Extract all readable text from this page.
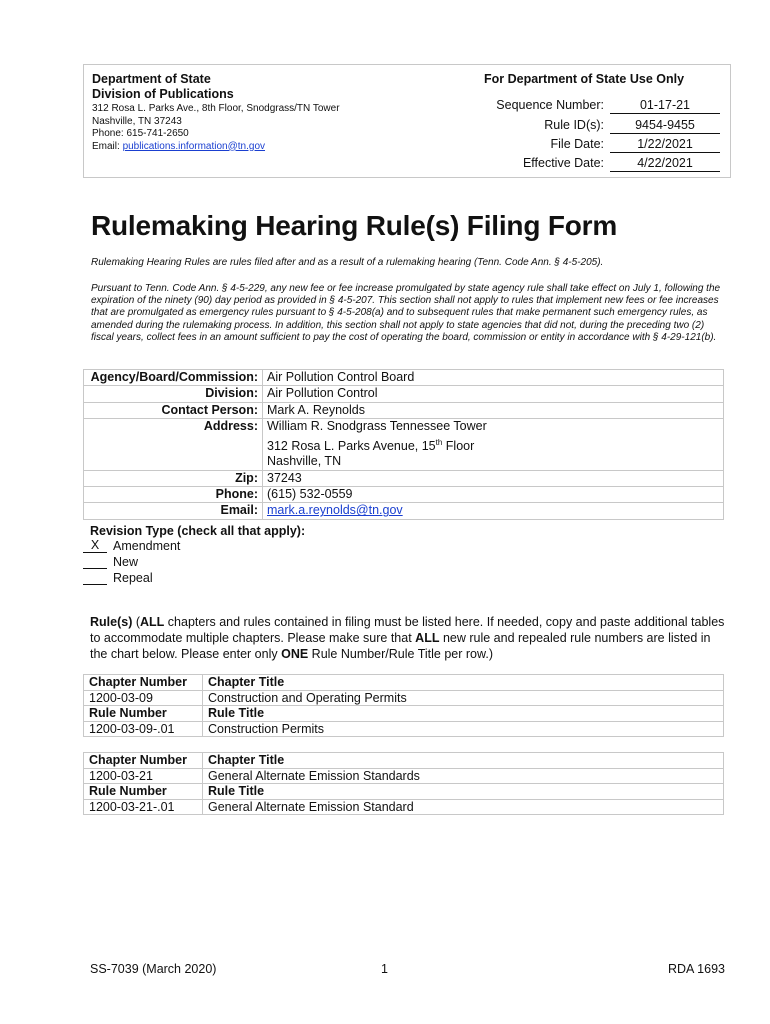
Department of State
Division of Publications
312 Rosa L. Parks Ave., 8th Floor, Snodgrass/TN Tower
Nashville, TN 37243
Phone: 615-741-2650
Email: publications.information@tn.gov
For Department of State Use Only
Sequence Number:	01-17-21
Rule ID(s):	9454-9455
File Date:	1/22/2021
Effective Date:	4/22/2021
Rulemaking Hearing Rule(s) Filing Form
Rulemaking Hearing Rules are rules filed after and as a result of a rulemaking hearing (Tenn. Code Ann. § 4-5-205).
Pursuant to Tenn. Code Ann. § 4-5-229, any new fee or fee increase promulgated by state agency rule shall take effect on July 1, following the expiration of the ninety (90) day period as provided in § 4-5-207. This section shall not apply to rules that implement new fees or fee increases that are promulgated as emergency rules pursuant to § 4-5-208(a) and to subsequent rules that make permanent such emergency rules, as amended during the rulemaking process. In addition, this section shall not apply to state agencies that did not, during the preceding two (2) fiscal years, collect fees in an amount sufficient to pay the cost of operating the board, commission or entity in accordance with § 4-29-121(b).
Agency/Board/Commission:	Air Pollution Control Board
Division:	Air Pollution Control
Contact Person:	Mark A. Reynolds
Address:	William R. Snodgrass Tennessee Tower
312 Rosa L. Parks Avenue, 15th Floor
Nashville, TN

Zip:	37243
Phone:	(615) 532-0559
Email:	mark.a.reynolds@tn.gov
Revision Type (check all that apply):
X Amendment
New
Repeal
Rule(s) (ALL chapters and rules contained in filing must be listed here. If needed, copy and paste additional tables to accommodate multiple chapters. Please make sure that ALL new rule and repealed rule numbers are listed in the chart below. Please enter only ONE Rule Number/Rule Title per row.)
Chapter Number	Chapter Title
1200-03-09	Construction and Operating Permits
Rule Number	Rule Title
1200-03-09-.01	Construction Permits
Chapter Number	Chapter Title
1200-03-21	General Alternate Emission Standards
Rule Number	Rule Title
1200-03-21-.01	General Alternate Emission Standard
SS-7039 (March 2020)	1	RDA 1693
